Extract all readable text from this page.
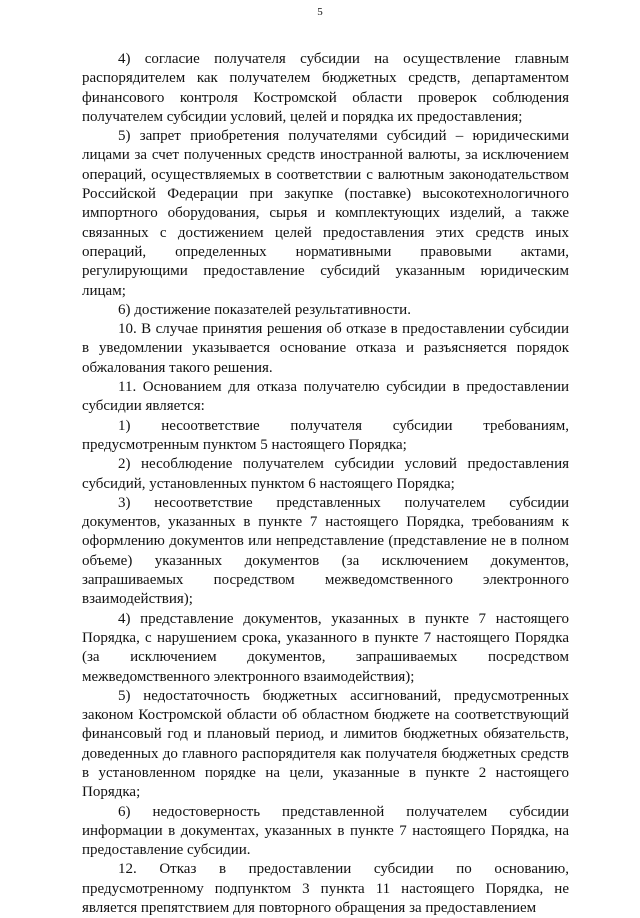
5

4) согласие получателя субсидии на осуществление главным распорядителем как получателем бюджетных средств, департаментом финансового контроля Костромской области проверок соблюдения получателем субсидии условий, целей и порядка их предоставления;

5) запрет приобретения получателями субсидий – юридическими лицами за счет полученных средств иностранной валюты, за исключением операций, осуществляемых в соответствии с валютным законодательством Российской Федерации при закупке (поставке) высокотехнологичного импортного оборудования, сырья и комплектующих изделий, а также связанных с достижением целей предоставления этих средств иных операций, определенных нормативными правовыми актами, регулирующими предоставление субсидий указанным юридическим лицам;

6) достижение показателей результативности.

10. В случае принятия решения об отказе в предоставлении субсидии в уведомлении указывается основание отказа и разъясняется порядок обжалования такого решения.

11. Основанием для отказа получателю субсидии в предоставлении субсидии является:

1) несоответствие получателя субсидии требованиям, предусмотренным пунктом 5 настоящего Порядка;

2) несоблюдение получателем субсидии условий предоставления субсидий, установленных пунктом 6 настоящего Порядка;

3) несоответствие представленных получателем субсидии документов, указанных в пункте 7 настоящего Порядка, требованиям к оформлению документов или непредставление (представление не в полном объеме) указанных документов (за исключением документов, запрашиваемых посредством межведомственного электронного взаимодействия);

4) представление документов, указанных в пункте 7 настоящего Порядка, с нарушением срока, указанного в пункте 7 настоящего Порядка (за исключением документов, запрашиваемых посредством межведомственного электронного взаимодействия);

5) недостаточность бюджетных ассигнований, предусмотренных законом Костромской области об областном бюджете на соответствующий финансовый год и плановый период, и лимитов бюджетных обязательств, доведенных до главного распорядителя как получателя бюджетных средств в установленном порядке на цели, указанные в пункте 2 настоящего Порядка;

6) недостоверность представленной получателем субсидии информации в документах, указанных в пункте 7 настоящего Порядка, на предоставление субсидии.

12. Отказ в предоставлении субсидии по основанию, предусмотренному подпунктом 3 пункта 11 настоящего Порядка, не является препятствием для повторного обращения за предоставлением
